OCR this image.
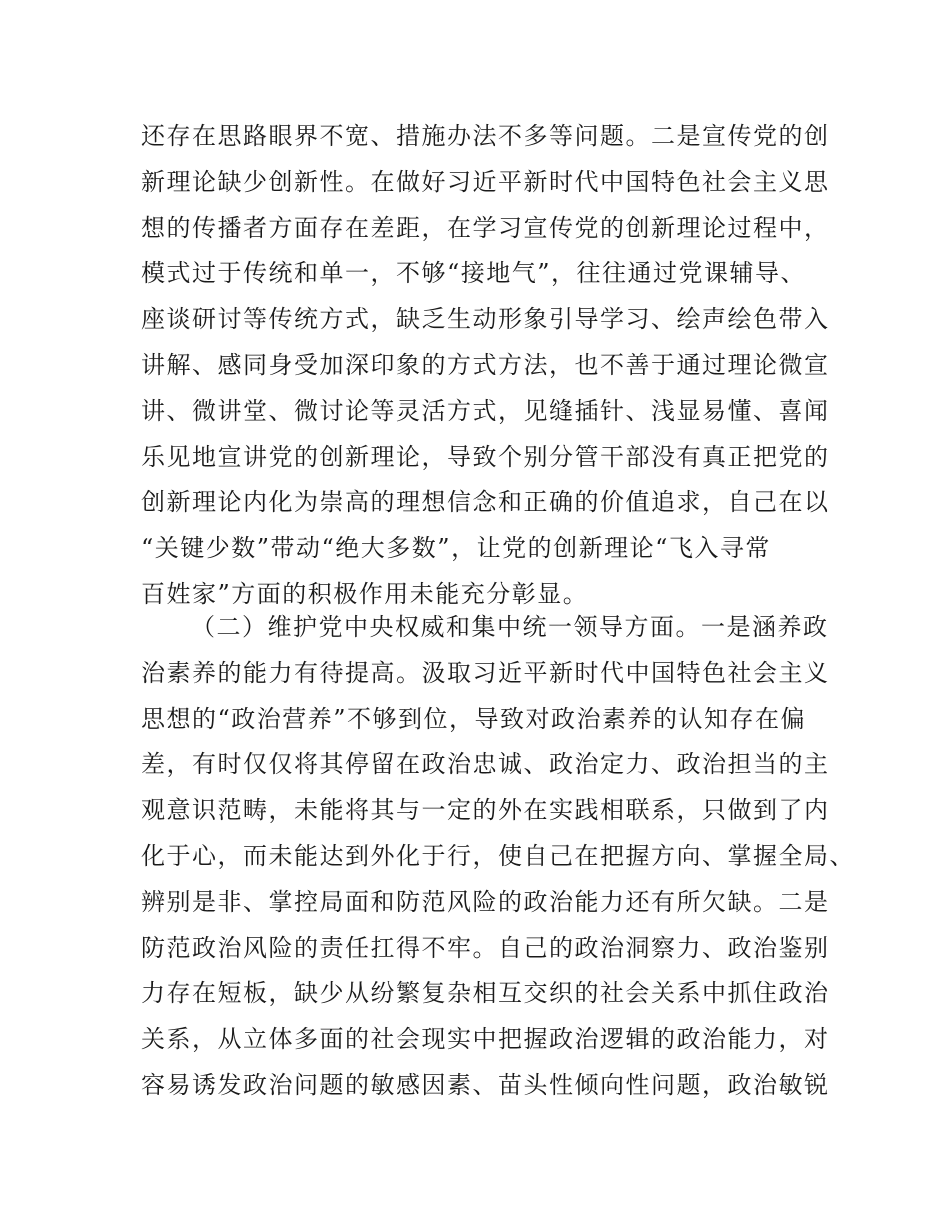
还存在思路眼界不宽、措施办法不多等问题。二是宣传党的创
新理论缺少创新性。在做好习近平新时代中国特色社会主义思
想的传播者方面存在差距，在学习宣传党的创新理论过程中，
模式过于传统和单一，不够“接地气”，往往通过党课辅导、
座谈研讨等传统方式，缺乏生动形象引导学习、绘声绘色带入
讲解、感同身受加深印象的方式方法，也不善于通过理论微宣
讲、微讲堂、微讨论等灵活方式，见缝插针、浅显易懂、喜闻
乐见地宣讲党的创新理论，导致个别分管干部没有真正把党的
创新理论内化为崇高的理想信念和正确的价值追求，自己在以
“关键少数”带动“绝大多数”，让党的创新理论“飞入寻常
百姓家”方面的积极作用未能充分彰显。
（二）维护党中央权威和集中统一领导方面。一是涵养政
治素养的能力有待提高。汲取习近平新时代中国特色社会主义
思想的“政治营养”不够到位，导致对政治素养的认知存在偏
差，有时仅仅将其停留在政治忠诚、政治定力、政治担当的主
观意识范畴，未能将其与一定的外在实践相联系，只做到了内
化于心，而未能达到外化于行，使自己在把握方向、掌握全局、
辨别是非、掌控局面和防范风险的政治能力还有所欠缺。二是
防范政治风险的责任扛得不牢。自己的政治洞察力、政治鉴别
力存在短板，缺少从纷繁复杂相互交织的社会关系中抓住政治
关系，从立体多面的社会现实中把握政治逻辑的政治能力，对
容易诱发政治问题的敏感因素、苗头性倾向性问题，政治敏锐
